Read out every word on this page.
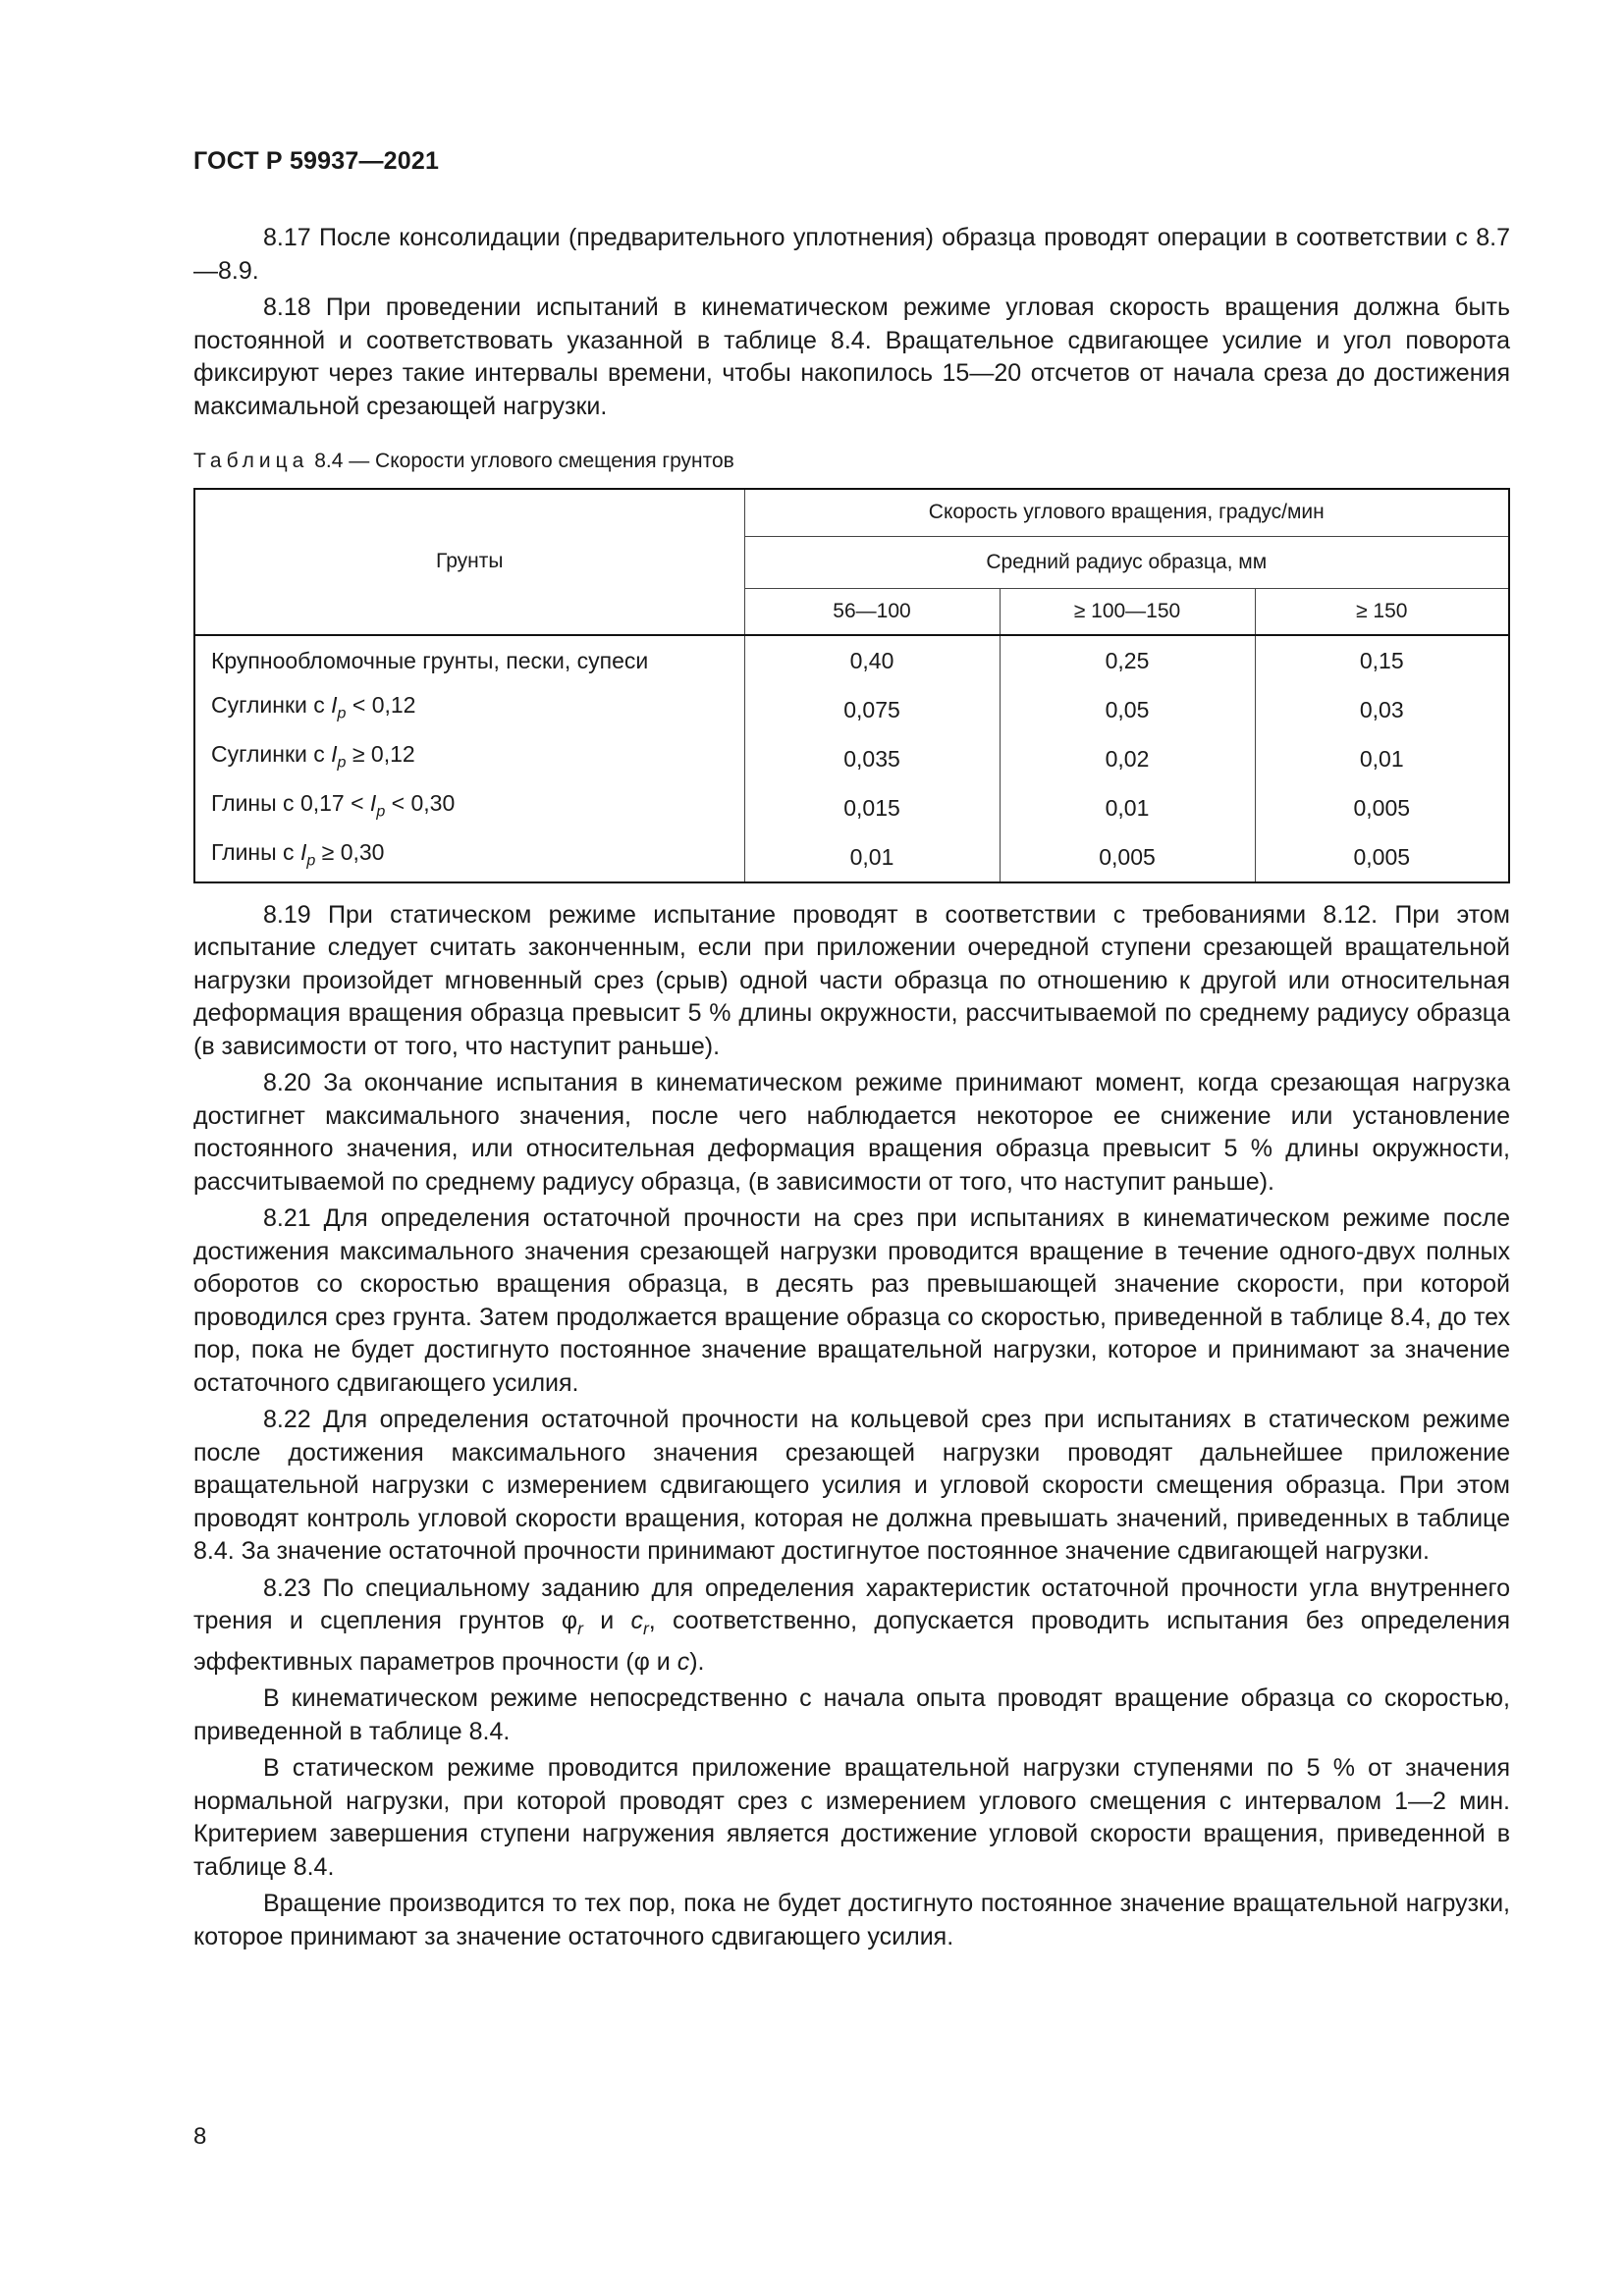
ГОСТ Р 59937—2021

8.17 После консолидации (предварительного уплотнения) образца проводят операции в соответствии с 8.7—8.9.

8.18 При проведении испытаний в кинематическом режиме угловая скорость вращения должна быть постоянной и соответствовать указанной в таблице 8.4. Вращательное сдвигающее усилие и угол поворота фиксируют через такие интервалы времени, чтобы накопилось 15—20 отсчетов от начала среза до достижения максимальной срезающей нагрузки.

Таблица 8.4 — Скорости углового смещения грунтов
Грунты	Скорость углового вращения, градус/мин		
	Средний радиус образца, мм		
	56—100	≥ 100—150	≥ 150
Крупнообломочные грунты, пески, супеси	0,40	0,25	0,15
Суглинки с $I_p < 0,12$	0,075	0,05	0,03
Суглинки с $I_p \ge 0,12$	0,035	0,02	0,01
Глины с $0,17 < I_p < 0,30$	0,015	0,01	0,005
Глины с $I_p \ge 0,30$	0,01	0,005	0,005

8.19 При статическом режиме испытание проводят в соответствии с требованиями 8.12. При этом испытание следует считать законченным, если при приложении очередной ступени срезающей вращательной нагрузки произойдет мгновенный срез (срыв) одной части образца по отношению к другой или относительная деформация вращения образца превысит 5 % длины окружности, рассчитываемой по среднему радиусу образца (в зависимости от того, что наступит раньше).

8.20 За окончание испытания в кинематическом режиме принимают момент, когда срезающая нагрузка достигнет максимального значения, после чего наблюдается некоторое ее снижение или установление постоянного значения, или относительная деформация вращения образца превысит 5 % длины окружности, рассчитываемой по среднему радиусу образца, (в зависимости от того, что наступит раньше).

8.21 Для определения остаточной прочности на срез при испытаниях в кинематическом режиме после достижения максимального значения срезающей нагрузки проводится вращение в течение одного-двух полных оборотов со скоростью вращения образца, в десять раз превышающей значение скорости, при которой проводился срез грунта. Затем продолжается вращение образца со скоростью, приведенной в таблице 8.4, до тех пор, пока не будет достигнуто постоянное значение вращательной нагрузки, которое и принимают за значение остаточного сдвигающего усилия.

8.22 Для определения остаточной прочности на кольцевой срез при испытаниях в статическом режиме после достижения максимального значения срезающей нагрузки проводят дальнейшее приложение вращательной нагрузки с измерением сдвигающего усилия и угловой скорости смещения образца. При этом проводят контроль угловой скорости вращения, которая не должна превышать значений, приведенных в таблице 8.4. За значение остаточной прочности принимают достигнутое постоянное значение сдвигающей нагрузки.

8.23 По специальному заданию для определения характеристик остаточной прочности угла внутреннего трения и сцепления грунтов $\varphi_r$ и $c_r$, соответственно, допускается проводить испытания без определения эффективных параметров прочности (φ и c).

В кинематическом режиме непосредственно с начала опыта проводят вращение образца со скоростью, приведенной в таблице 8.4.

В статическом режиме проводится приложение вращательной нагрузки ступенями по 5 % от значения нормальной нагрузки, при которой проводят срез с измерением углового смещения с интервалом 1—2 мин. Критерием завершения ступени нагружения является достижение угловой скорости вращения, приведенной в таблице 8.4.

Вращение производится то тех пор, пока не будет достигнуто постоянное значение вращательной нагрузки, которое принимают за значение остаточного сдвигающего усилия.

8
